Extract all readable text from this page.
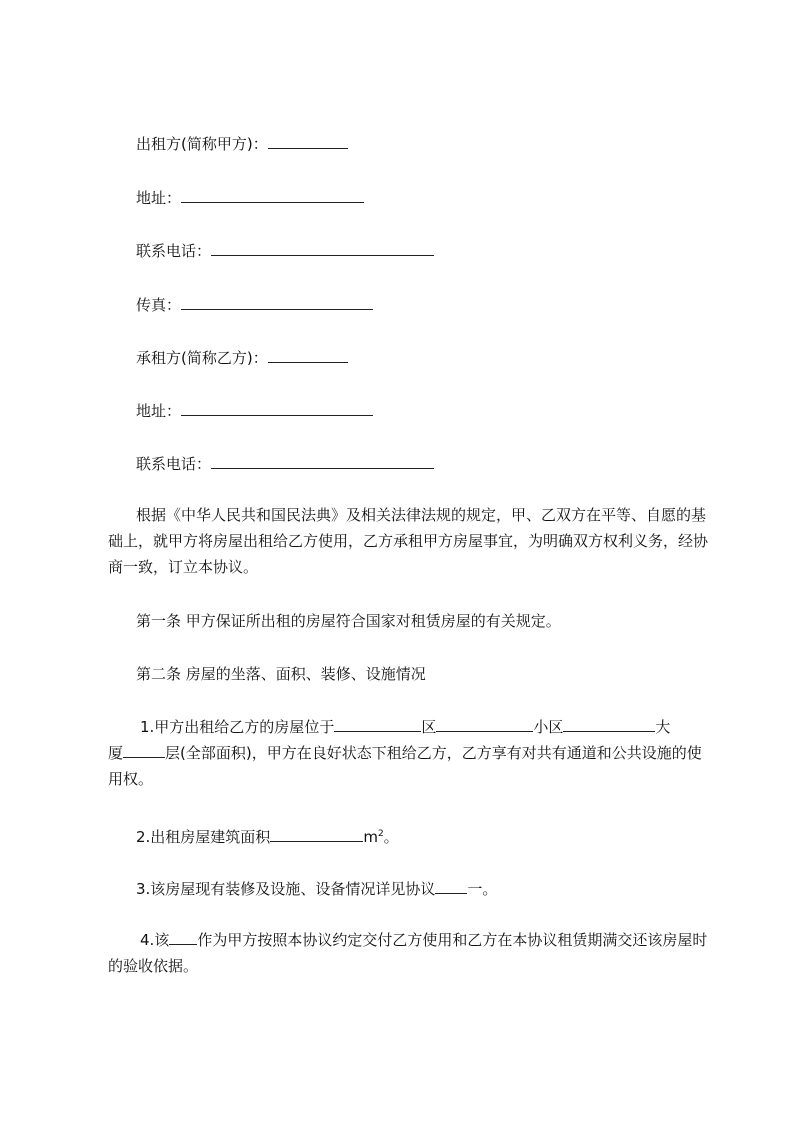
出租方(简称甲方)：
地址：
联系电话：
传真：
承租方(简称乙方)：
地址：
联系电话：
根据《中华人民共和国民法典》及相关法律法规的规定，甲、乙双方在平等、自愿的基础上，就甲方将房屋出租给乙方使用，乙方承租甲方房屋事宜，为明确双方权利义务，经协商一致，订立本协议。
第一条 甲方保证所出租的房屋符合国家对租赁房屋的有关规定。
第二条 房屋的坐落、面积、装修、设施情况
1.甲方出租给乙方的房屋位于	区	小区	大
厦	层(全部面积)，甲方在良好状态下租给乙方，乙方享有对共有通道和公共设施的使用权。
2.出租房屋建筑面积	$m^2$。
3.该房屋现有装修及设施、设备情况详见协议 一。
4.该 作为甲方按照本协议约定交付乙方使用和乙方在本协议租赁期满交还该房屋时的验收依据。
